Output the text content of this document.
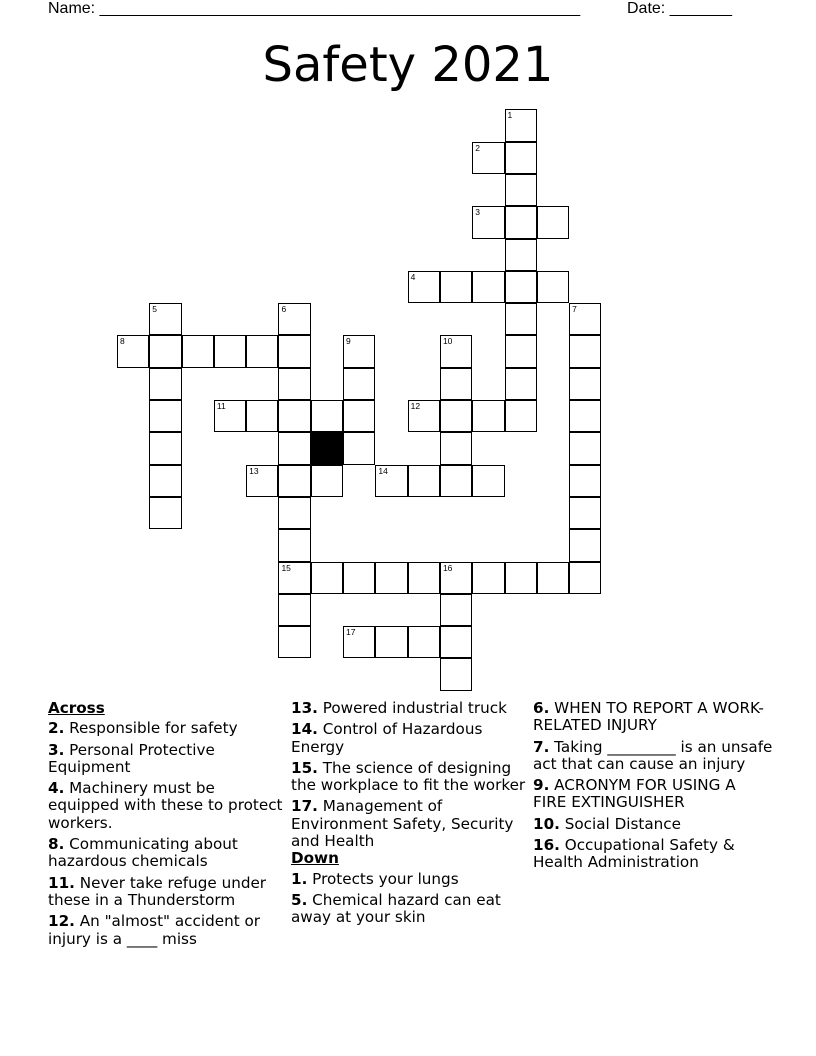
Name: ______________________________________________________	Date: _______
Safety 2021
1
2
3
4
5	6	7
8	9	10
11	12
13	14
15	16
17
Across
2. Responsible for safety
3. Personal Protective Equipment
4. Machinery must be equipped with these to protect workers.
8. Communicating about hazardous chemicals
11. Never take refuge under these in a Thunderstorm
12. An "almost" accident or injury is a ____ miss
13. Powered industrial truck
14. Control of Hazardous Energy
15. The science of designing the workplace to fit the worker
17. Management of Environment Safety, Security and Health
Down
1. Protects your lungs
5. Chemical hazard can eat away at your skin
6. WHEN TO REPORT A WORK-RELATED INJURY
7. Taking _________ is an unsafe act that can cause an injury
9. ACRONYM FOR USING A FIRE EXTINGUISHER
10. Social Distance
16. Occupational Safety & Health Administration
